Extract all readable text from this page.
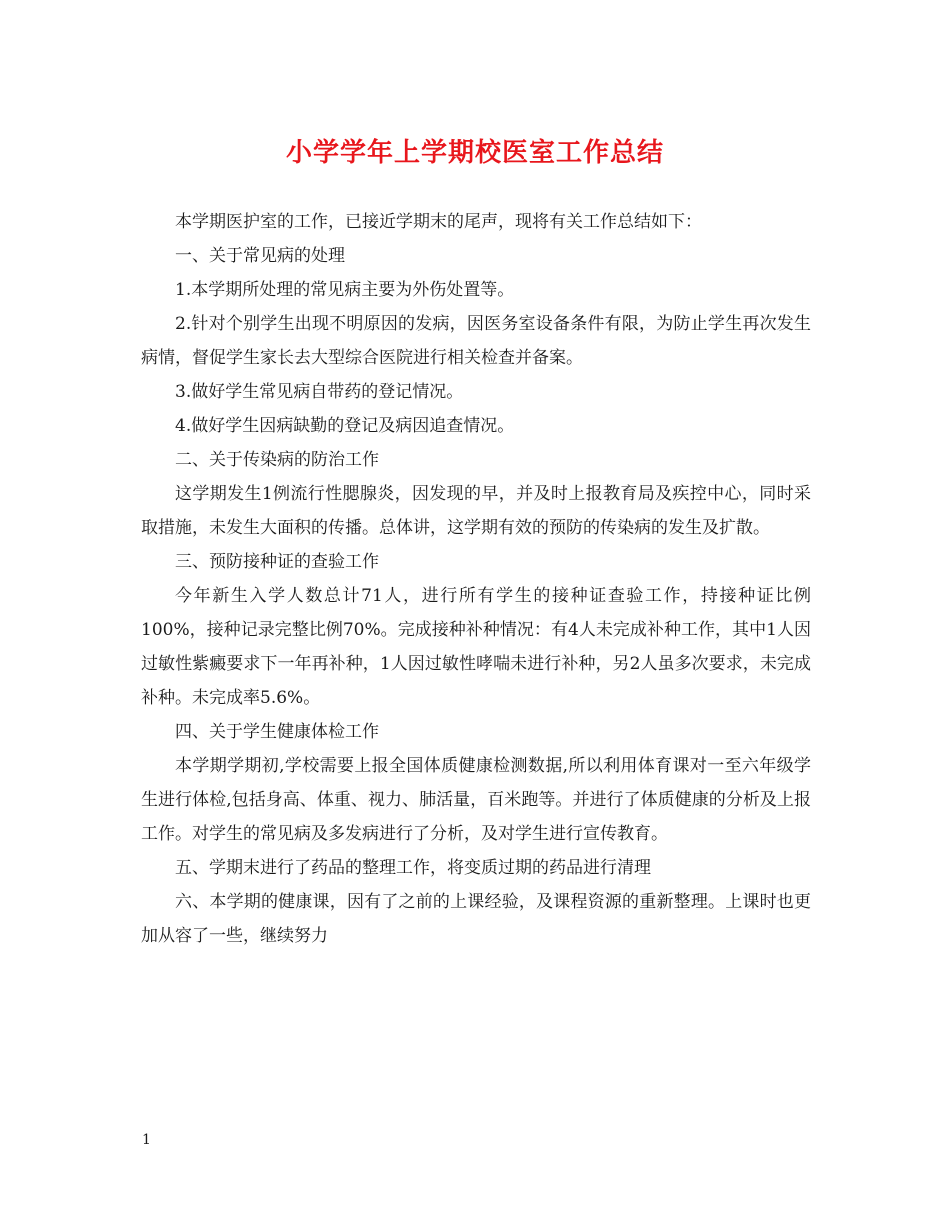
小学学年上学期校医室工作总结

本学期医护室的工作，已接近学期末的尾声，现将有关工作总结如下：

一、关于常见病的处理

1.本学期所处理的常见病主要为外伤处置等。

2.针对个别学生出现不明原因的发病，因医务室设备条件有限，为防止学生再次发生病情，督促学生家长去大型综合医院进行相关检查并备案。

3.做好学生常见病自带药的登记情况。

4.做好学生因病缺勤的登记及病因追查情况。

二、关于传染病的防治工作

这学期发生1例流行性腮腺炎，因发现的早，并及时上报教育局及疾控中心，同时采取措施，未发生大面积的传播。总体讲，这学期有效的预防的传染病的发生及扩散。

三、预防接种证的查验工作

今年新生入学人数总计71人，进行所有学生的接种证查验工作，持接种证比例100%，接种记录完整比例70%。完成接种补种情况：有4人未完成补种工作，其中1人因过敏性紫癜要求下一年再补种，1人因过敏性哮喘未进行补种，另2人虽多次要求，未完成补种。未完成率5.6%。

四、关于学生健康体检工作

本学期学期初,学校需要上报全国体质健康检测数据,所以利用体育课对一至六年级学生进行体检,包括身高、体重、视力、肺活量，百米跑等。并进行了体质健康的分析及上报工作。对学生的常见病及多发病进行了分析，及对学生进行宣传教育。

五、学期末进行了药品的整理工作，将变质过期的药品进行清理

六、本学期的健康课，因有了之前的上课经验，及课程资源的重新整理。上课时也更加从容了一些，继续努力

1
